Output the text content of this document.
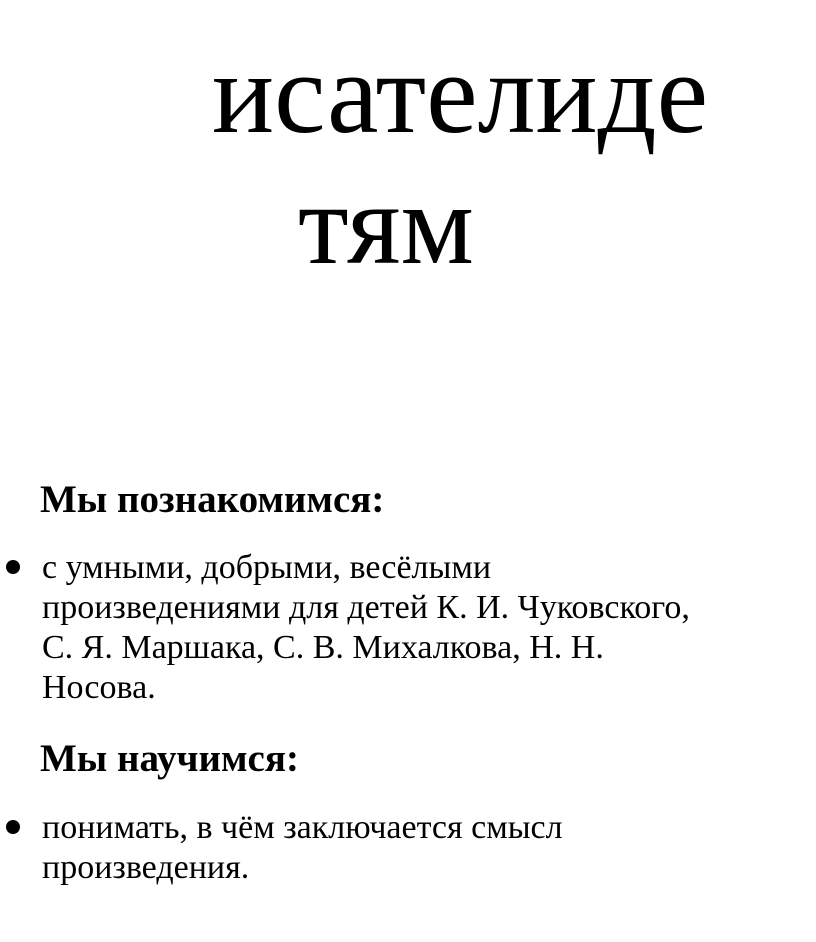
исателиде
тям
Мы познакомимся:
с умными, добрыми, весёлыми
произведениями для детей К. И. Чуковского,
С. Я. Маршака, С. В. Михалкова, Н. Н.
Носова.
Мы научимся:
понимать, в чём заключается смысл
произведения.
